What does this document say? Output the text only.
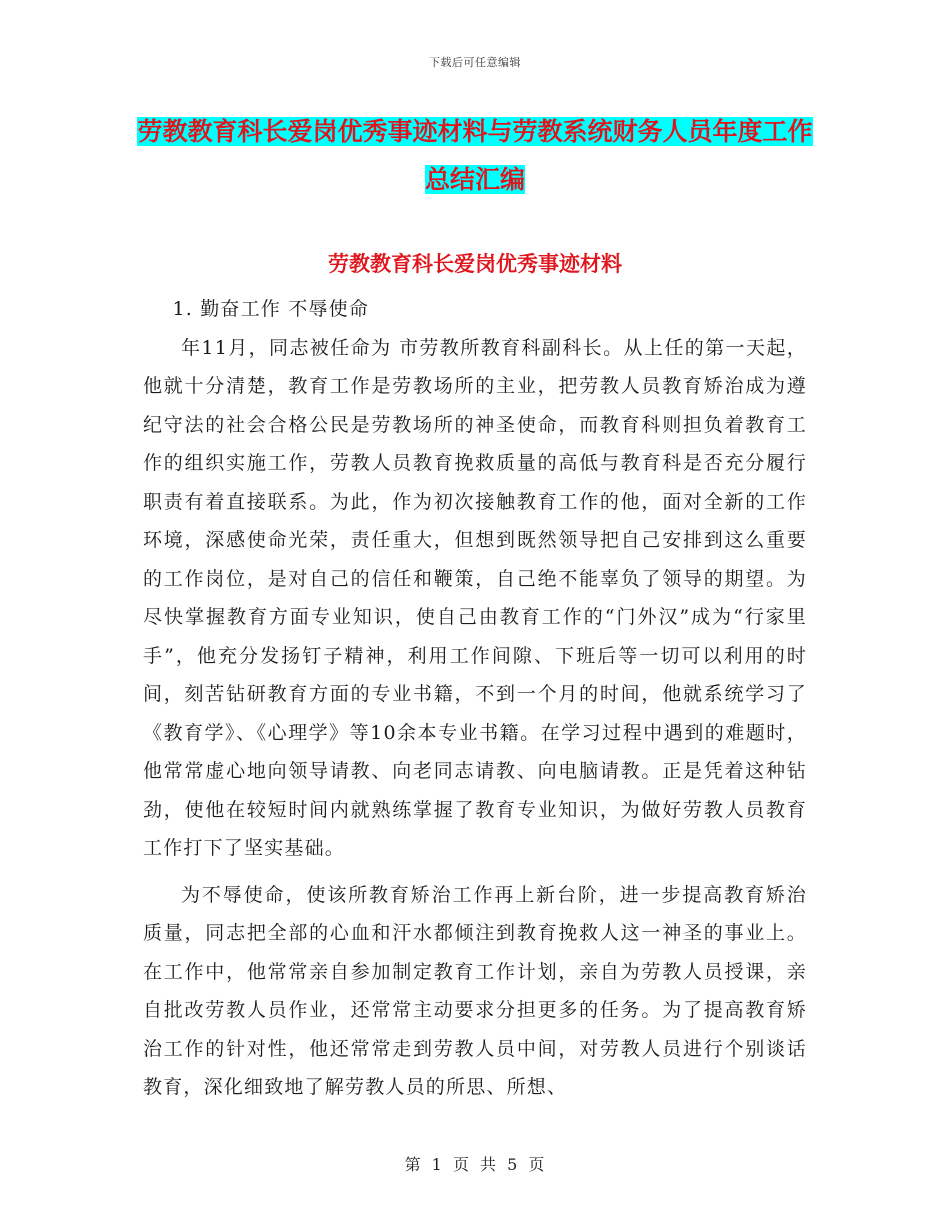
下载后可任意编辑
劳教教育科长爱岗优秀事迹材料与劳教系统财务人员年度工作总结汇编
劳教教育科长爱岗优秀事迹材料

1. 勤奋工作 不辱使命

年11月，同志被任命为 市劳教所教育科副科长。从上任的第一天起，他就十分清楚，教育工作是劳教场所的主业，把劳教人员教育矫治成为遵纪守法的社会合格公民是劳教场所的神圣使命，而教育科则担负着教育工作的组织实施工作，劳教人员教育挽救质量的高低与教育科是否充分履行职责有着直接联系。为此，作为初次接触教育工作的他，面对全新的工作环境，深感使命光荣，责任重大，但想到既然领导把自己安排到这么重要的工作岗位，是对自己的信任和鞭策，自己绝不能辜负了领导的期望。为尽快掌握教育方面专业知识，使自己由教育工作的“门外汉”成为“行家里手”，他充分发扬钉子精神，利用工作间隙、下班后等一切可以利用的时间，刻苦钻研教育方面的专业书籍，不到一个月的时间，他就系统学习了《教育学》、《心理学》等10余本专业书籍。在学习过程中遇到的难题时，他常常虚心地向领导请教、向老同志请教、向电脑请教。正是凭着这种钻劲，使他在较短时间内就熟练掌握了教育专业知识，为做好劳教人员教育工作打下了坚实基础。

为不辱使命，使该所教育矫治工作再上新台阶，进一步提高教育矫治质量，同志把全部的心血和汗水都倾注到教育挽救人这一神圣的事业上。在工作中，他常常亲自参加制定教育工作计划，亲自为劳教人员授课，亲自批改劳教人员作业，还常常主动要求分担更多的任务。为了提高教育矫治工作的针对性，他还常常走到劳教人员中间，对劳教人员进行个别谈话教育，深化细致地了解劳教人员的所思、所想、

第 1 页 共 5 页
